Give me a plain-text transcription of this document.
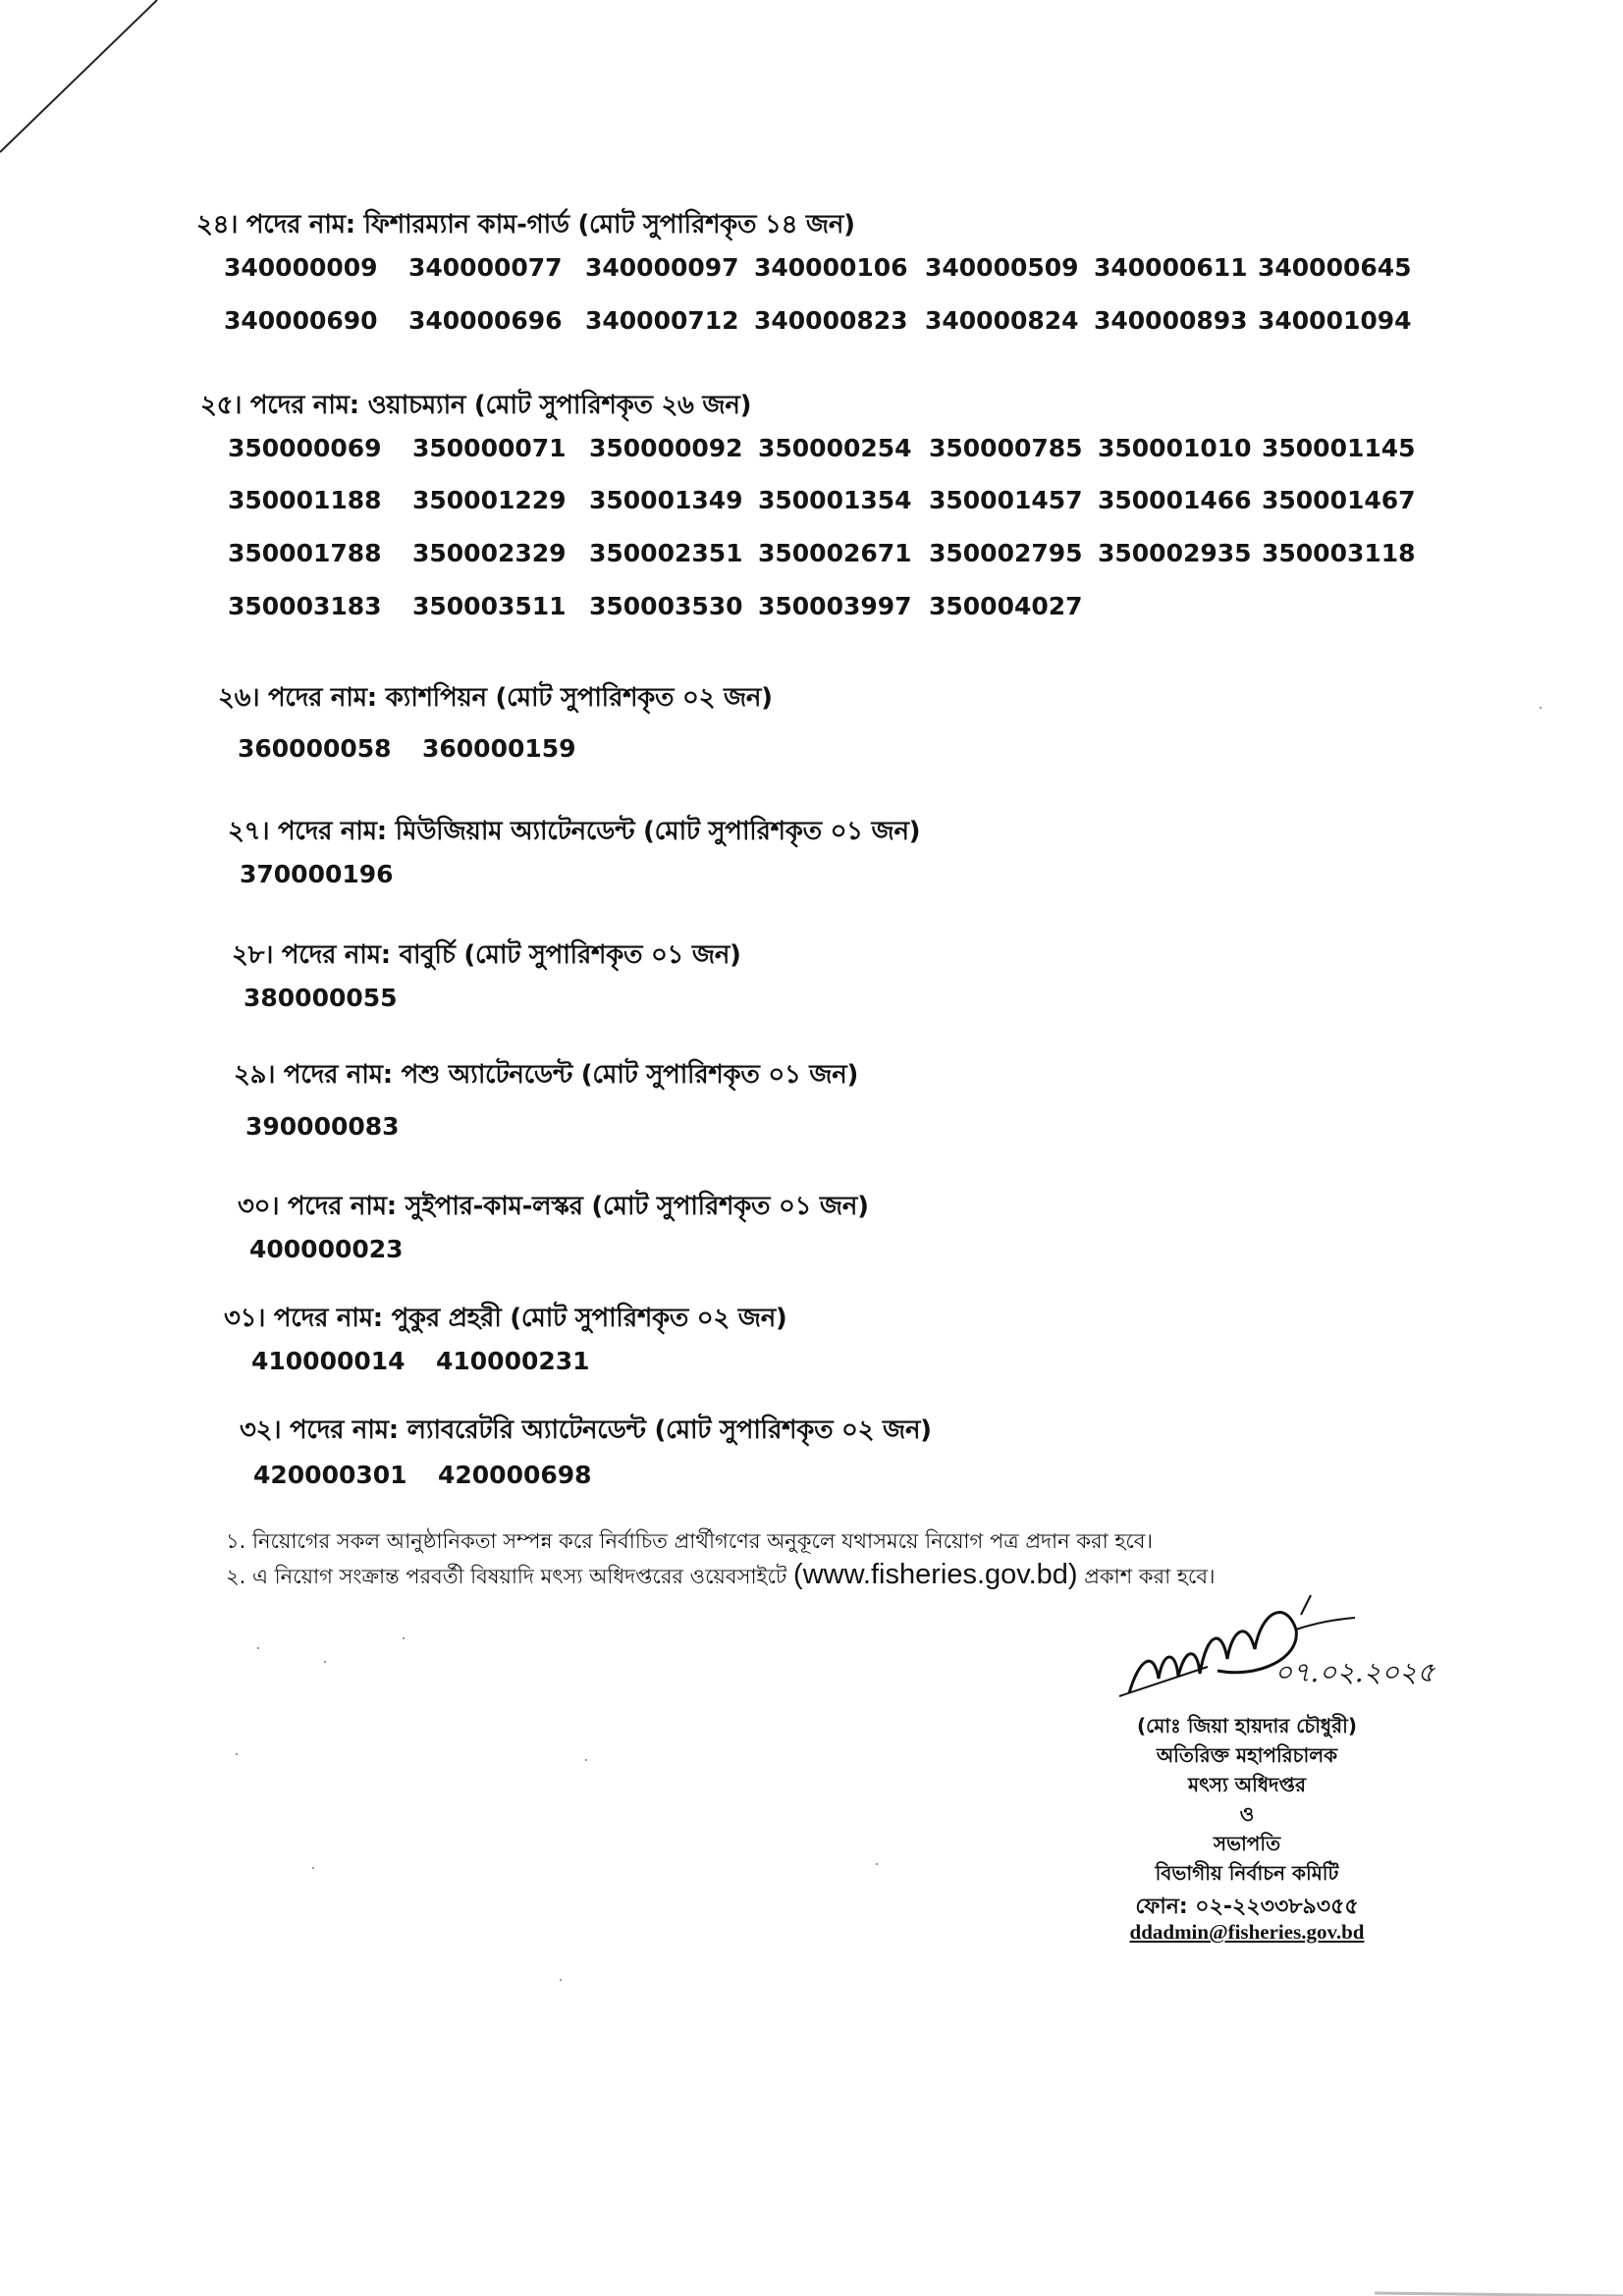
২৪। পদের নাম: ফিশারম্যান কাম-গার্ড (মোট সুপারিশকৃত ১৪ জন)
340000009 340000077 340000097 340000106 340000509 340000611 340000645
340000690 340000696 340000712 340000823 340000824 340000893 340001094
২৫। পদের নাম: ওয়াচম্যান (মোট সুপারিশকৃত ২৬ জন)
350000069 350000071 350000092 350000254 350000785 350001010 350001145
350001188 350001229 350001349 350001354 350001457 350001466 350001467
350001788 350002329 350002351 350002671 350002795 350002935 350003118
350003183 350003511 350003530 350003997 350004027
২৬। পদের নাম: ক্যাশপিয়ন (মোট সুপারিশকৃত ০২ জন)
360000058 360000159
২৭। পদের নাম: মিউজিয়াম অ্যাটেনডেন্ট (মোট সুপারিশকৃত ০১ জন)
370000196
২৮। পদের নাম: বাবুর্চি (মোট সুপারিশকৃত ০১ জন)
380000055
২৯। পদের নাম: পশু অ্যাটেনডেন্ট (মোট সুপারিশকৃত ০১ জন)
390000083
৩০। পদের নাম: সুইপার-কাম-লস্কর (মোট সুপারিশকৃত ০১ জন)
400000023
৩১। পদের নাম: পুকুর প্রহরী (মোট সুপারিশকৃত ০২ জন)
410000014 410000231
৩২। পদের নাম: ল্যাবরেটরি অ্যাটেনডেন্ট (মোট সুপারিশকৃত ০২ জন)
420000301 420000698
১. নিয়োগের সকল আনুষ্ঠানিকতা সম্পন্ন করে নির্বাচিত প্রার্থীগণের অনুকূলে যথাসময়ে নিয়োগ পত্র প্রদান করা হবে।
২. এ নিয়োগ সংক্রান্ত পরবর্তী বিষয়াদি মৎস্য অধিদপ্তরের ওয়েবসাইটে (www.fisheries.gov.bd) প্রকাশ করা হবে।
০৭.০২.২০২৫
(মোঃ জিয়া হায়দার চৌধুরী)
অতিরিক্ত মহাপরিচালক
মৎস্য অধিদপ্তর
ও
সভাপতি
বিভাগীয় নির্বাচন কমিটি
ফোন: ০২-২২৩৩৮৯৩৫৫
ddadmin@fisheries.gov.bd
